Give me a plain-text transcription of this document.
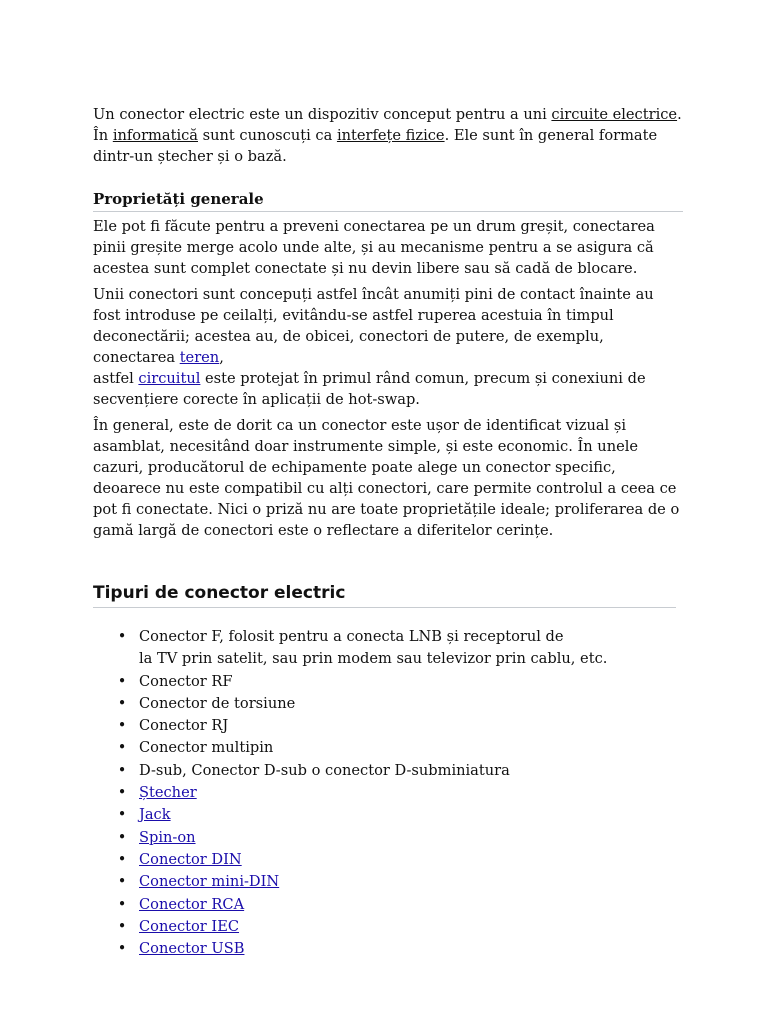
Un conector electric este un dispozitiv conceput pentru a uni circuite electrice.
În informatică sunt cunoscuți ca interfețe fizice. Ele sunt în general formate
dintr-un ștecher și o bază.

Proprietăți generale

Ele pot fi făcute pentru a preveni conectarea pe un drum greșit, conectarea pinii greșite merge acolo unde alte, și au mecanisme pentru a se asigura că acestea sunt complet conectate și nu devin libere sau să cadă de blocare.

Unii conectori sunt concepuți astfel încât anumiți pini de contact înainte au fost introduse pe ceilalți, evitându-se astfel ruperea acestuia în timpul deconectării; acestea au, de obicei, conectori de putere, de exemplu, conectarea teren,
astfel circuitul este protejat în primul rând comun, precum și conexiuni de secvențiere corecte în aplicații de hot-swap.

În general, este de dorit ca un conector este ușor de identificat vizual și asamblat, necesitând doar instrumente simple, și este economic. În unele cazuri, producătorul de echipamente poate alege un conector specific, deoarece nu este compatibil cu alți conectori, care permite controlul a ceea ce pot fi conectate. Nici o priză nu are toate proprietățile ideale; proliferarea de o gamă largă de conectori este o reflectare a diferitelor cerințe.

Tipuri de conector electric
• Conector F, folosit pentru a conecta LNB și receptorul de
la TV prin satelit, sau prin modem sau televizor prin cablu, etc.
• Conector RF
• Conector de torsiune
• Conector RJ
• Conector multipin
• D-sub, Conector D-sub o conector D-subminiatura
• Ștecher
• Jack
• Spin-on
• Conector DIN
• Conector mini-DIN
• Conector RCA
• Conector IEC
• Conector USB
